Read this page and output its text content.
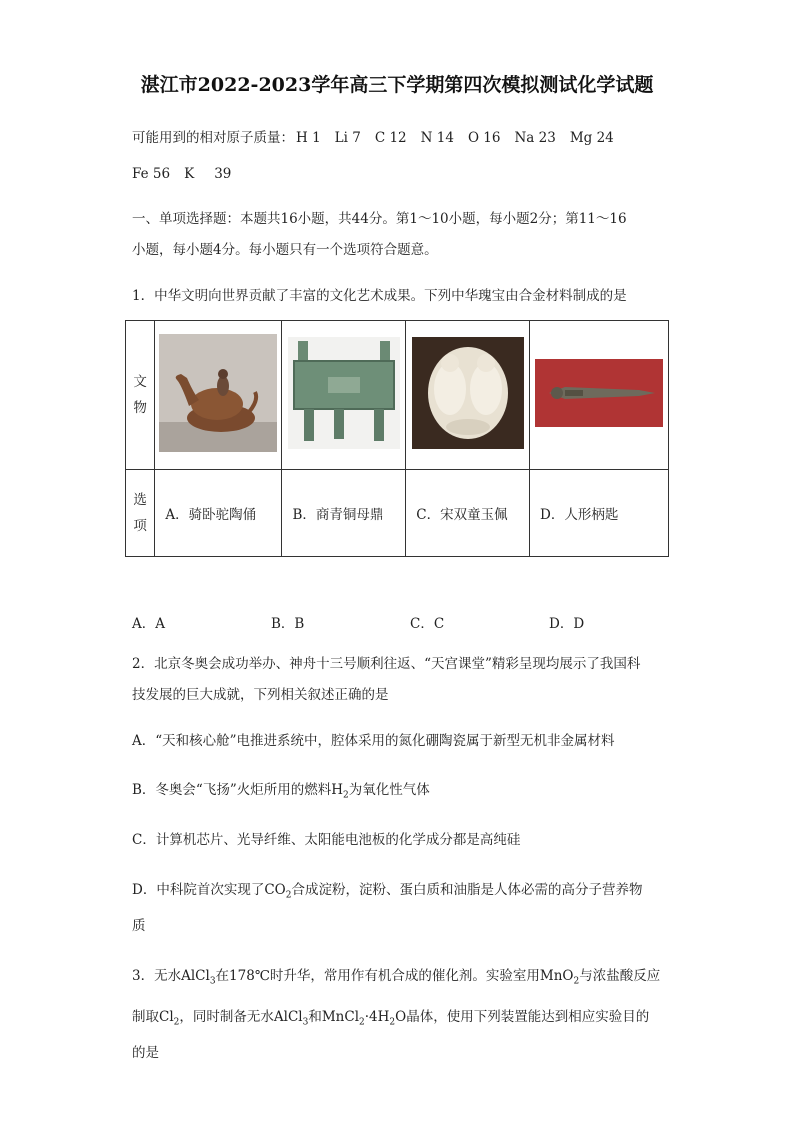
湛江市2022-2023学年高三下学期第四次模拟测试化学试题
可能用到的相对原子质量： H 1 Li 7 C 12 N 14 O 16 Na 23 Mg 24
Fe 56 K 39
一、单项选择题：本题共16小题，共44分。第1～10小题，每小题2分；第11～16
小题，每小题4分。每小题只有一个选项符合题意。
1．中华文明向世界贡献了丰富的文化艺术成果。下列中华瑰宝由合金材料制成的是
文
物

选
项	A．骑卧驼陶俑	B．商青铜母鼎	C．宋双童玉佩	D．人形柄匙
A．A	B．B	C．C	D．D
2．北京冬奥会成功举办、神舟十三号顺利往返、“天宫课堂”精彩呈现均展示了我国科
技发展的巨大成就，下列相关叙述正确的是
A．“天和核心舱”电推进系统中，腔体采用的氮化硼陶瓷属于新型无机非金属材料
B．冬奥会“飞扬”火炬所用的燃料$H_2$为氧化性气体
C．计算机芯片、光导纤维、太阳能电池板的化学成分都是高纯硅
D．中科院首次实现了$CO_2$合成淀粉，淀粉、蛋白质和油脂是人体必需的高分子营养物
质
3．无水AlCl$_3$在178℃时升华，常用作有机合成的催化剂。实验室用MnO$_2$与浓盐酸反应
制取$Cl_2$，同时制备无水AlCl$_3$和$MnCl_2\cdot 4H_2O$晶体，使用下列装置能达到相应实验目的
的是
